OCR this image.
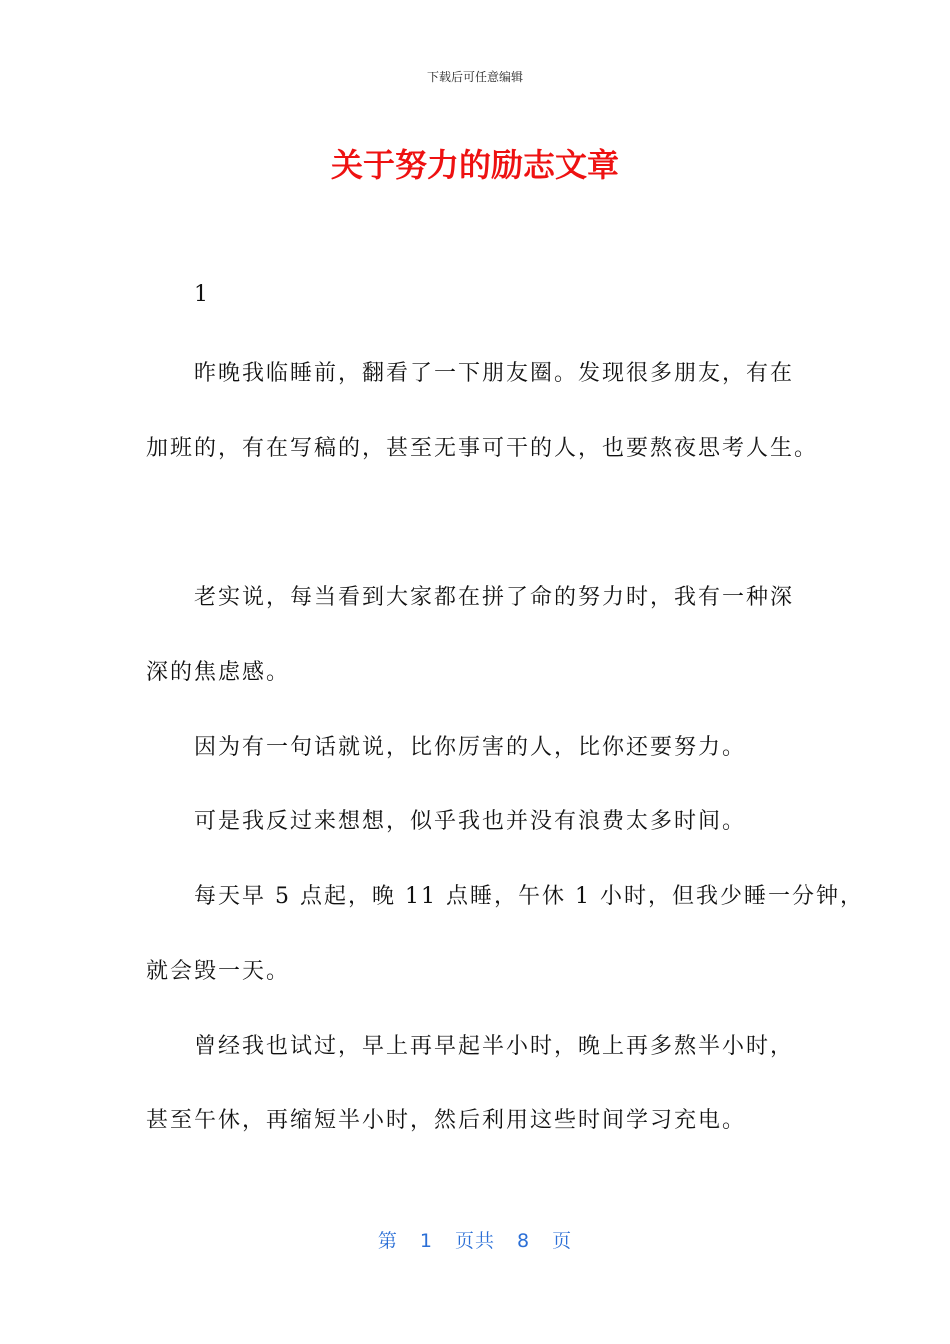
下载后可任意编辑
关于努力的励志文章
1
昨晚我临睡前，翻看了一下朋友圈。发现很多朋友，有在
加班的，有在写稿的，甚至无事可干的人，也要熬夜思考人生。
老实说，每当看到大家都在拼了命的努力时，我有一种深
深的焦虑感。
因为有一句话就说，比你厉害的人，比你还要努力。
可是我反过来想想，似乎我也并没有浪费太多时间。
每天早 5 点起，晚 11 点睡，午休 1 小时，但我少睡一分钟，
就会毁一天。
曾经我也试过，早上再早起半小时，晚上再多熬半小时，
甚至午休，再缩短半小时，然后利用这些时间学习充电。
第 1 页共 8 页
